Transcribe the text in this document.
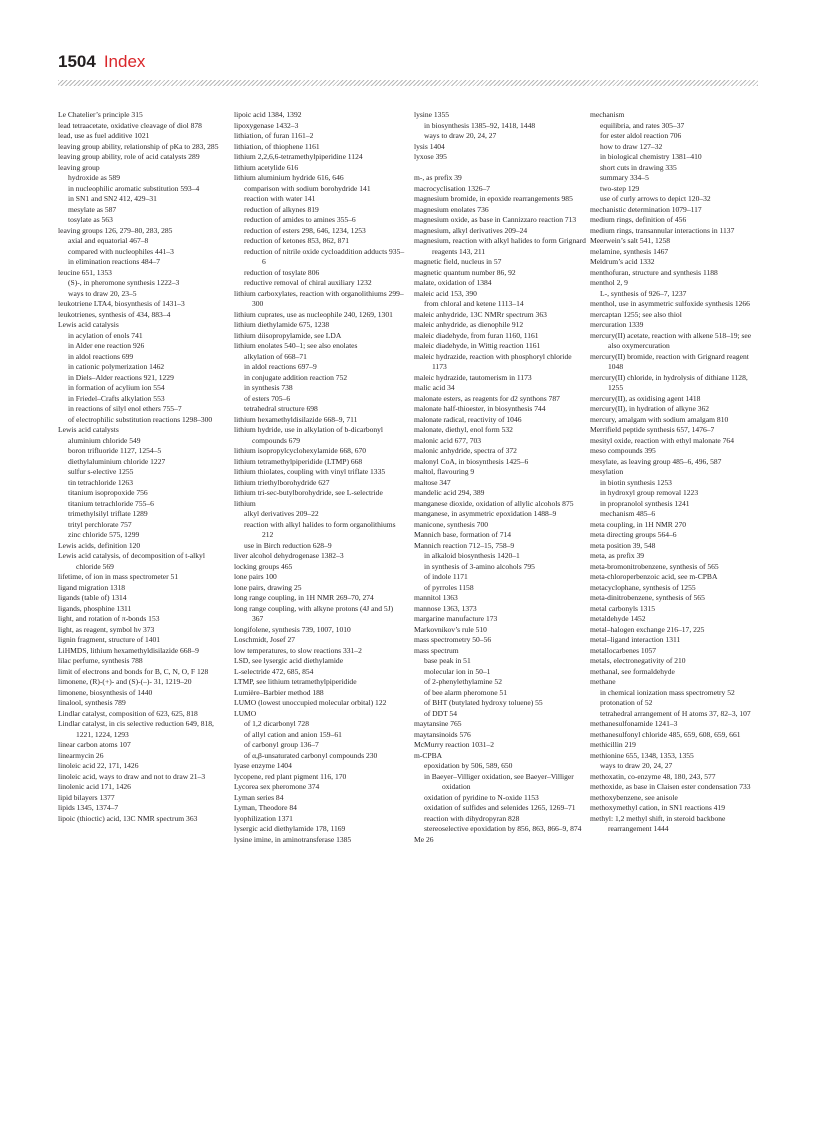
1504 Index
Le Chatelier’s principle 315
lead tetraacetate, oxidative cleavage of diol 878
lead, use as fuel additive 1021
leaving group ability, relationship of pKa to 283, 285
leaving group ability, role of acid catalysts 289
leaving group
hydroxide as 589
in nucleophilic aromatic substitution 593–4
in SN1 and SN2 412, 429–31
mesylate as 587
tosylate as 563
leaving groups 126, 279–80, 283, 285
axial and equatorial 467–8
compared with nucleophiles 441–3
in elimination reactions 484–7
leucine 651, 1353
(S)-, in pheromone synthesis 1222–3
ways to draw 20, 23–5
leukotriene LTA4, biosynthesis of 1431–3
leukotrienes, synthesis of 434, 883–4
Lewis acid catalysis
in acylation of enols 741
in Alder ene reaction 926
in aldol reactions 699
in cationic polymerization 1462
in Diels–Alder reactions 921, 1229
in formation of acylium ion 554
in Friedel–Crafts alkylation 553
in reactions of silyl enol ethers 755–7
of electrophilic substitution reactions 1298–300
Lewis acid catalysts
aluminium chloride 549
boron trifluoride 1127, 1254–5
diethylaluminium chloride 1227
sulfur s-elective 1255
tin tetrachloride 1263
titanium isopropoxide 756
titanium tetrachloride 755–6
trimethylsilyl triflate 1289
trityl perchlorate 757
zinc chloride 575, 1299
Lewis acids, definition 120
Lewis acid catalysis, of decomposition of t-alkyl chloride 569
lifetime, of ion in mass spectrometer 51
ligand migration 1318
ligands (table of) 1314
ligands, phosphine 1311
light, and rotation of π-bonds 153
light, as reagent, symbol hν 373
lignin fragment, structure of 1401
LiHMDS, lithium hexamethyldisilazide 668–9
lilac perfume, synthesis 788
limit of electrons and bonds for B, C, N, O, F 128
limonene, (R)-(+)- and (S)-(–)- 31, 1219–20
limonene, biosynthesis of 1440
linalool, synthesis 789
Lindlar catalyst, composition of 623, 625, 818
Lindlar catalyst, in cis selective reduction 649, 818, 1221, 1224, 1293
linear carbon atoms 107
linearmycin 26
linoleic acid 22, 171, 1426
linoleic acid, ways to draw and not to draw 21–3
linolenic acid 171, 1426
lipid bilayers 1377
lipids 1345, 1374–7
lipoic (thioctic) acid, 13C NMR spectrum 363
lipoic acid 1384, 1392
lipoxygenase 1432–3
lithiation, of furan 1161–2
lithiation, of thiophene 1161
lithium 2,2,6,6-tetramethylpiperidine 1124
lithium acetylide 616
lithium aluminium hydride 616, 646
comparison with sodium borohydride 141
reaction with water 141
reduction of alkynes 819
reduction of amides to amines 355–6
reduction of esters 298, 646, 1234, 1253
reduction of ketones 853, 862, 871
reduction of nitrile oxide cycloaddition adducts 935–6
reduction of tosylate 806
reductive removal of chiral auxiliary 1232
lithium carboxylates, reaction with organolithiums 299–300
lithium cuprates, use as nucleophile 240, 1269, 1301
lithium diethylamide 675, 1238
lithium diisopropylamide, see LDA
lithium enolates 540–1; see also enolates
alkylation of 668–71
in aldol reactions 697–9
in conjugate addition reaction 752
in synthesis 738
of esters 705–6
tetrahedral structure 698
lithium hexamethyldisilazide 668–9, 711
lithium hydride, use in alkylation of b-dicarbonyl compounds 679
lithium isopropylcyclohexylamide 668, 670
lithium tetramethylpiperidide (LTMP) 668
lithium thiolates, coupling with vinyl triflate 1335
lithium triethylborohydride 627
lithium tri-sec-butylborohydride, see L-selectride
lithium
alkyl derivatives 209–22
reaction with alkyl halides to form organolithiums 212
use in Birch reduction 628–9
liver alcohol dehydrogenase 1382–3
locking groups 465
lone pairs 100
lone pairs, drawing 25
long range coupling, in 1H NMR 269–70, 274
long range coupling, with alkyne protons (4J and 5J) 367
longifolene, synthesis 739, 1007, 1010
Loschmidt, Josef 27
low temperatures, to slow reactions 331–2
LSD, see lysergic acid diethylamide
L-selectride 472, 685, 854
LTMP, see lithium tetramethylpiperidide
Lumière–Barbier method 188
LUMO (lowest unoccupied molecular orbital) 122
LUMO
of 1,2 dicarbonyl 728
of allyl cation and anion 159–61
of carbonyl group 136–7
of α,β-unsaturated carbonyl compounds 230
lyase enzyme 1404
lycopene, red plant pigment 116, 170
Lycorea sex pheromone 374
Lyman series 84
Lyman, Theodore 84
lyophilization 1371
lysergic acid diethylamide 178, 1169
lysine imine, in aminotransferase 1385
lysine 1355
in biosynthesis 1385–92, 1418, 1448
ways to draw 20, 24, 27
lysis 1404
lyxose 395
m-, as prefix 39
macrocyclisation 1326–7
magnesium bromide, in epoxide rearrangements 985
magnesium enolates 736
magnesium oxide, as base in Cannizzaro reaction 713
magnesium, alkyl derivatives 209–24
magnesium, reaction with alkyl halides to form Grignard reagents 143, 211
magnetic field, nucleus in 57
magnetic quantum number 86, 92
malate, oxidation of 1384
maleic acid 153, 390
from chloral and ketene 1113–14
maleic anhydride, 13C NMRr spectrum 363
maleic anhydride, as dienophile 912
maleic diadehyde, from furan 1160, 1161
maleic diadehyde, in Wittig reaction 1161
maleic hydrazide, reaction with phosphoryl chloride 1173
maleic hydrazide, tautomerism in 1173
malic acid 34
malonate esters, as reagents for d2 synthons 787
malonate half-thioester, in biosynthesis 744
malonate radical, reactivity of 1046
malonate, diethyl, enol form 532
malonic acid 677, 703
malonic anhydride, spectra of 372
malonyl CoA, in biosynthesis 1425–6
maltol, flavouring 9
maltose 347
mandelic acid 294, 389
manganese dioxide, oxidation of allylic alcohols 875
manganese, in asymmetric epoxidation 1488–9
manicone, synthesis 700
Mannich base, formation of 714
Mannich reaction 712–15, 758–9
in alkaloid biosynthesis 1420–1
in synthesis of 3-amino alcohols 795
of indole 1171
of pyrroles 1158
mannitol 1363
mannose 1363, 1373
margarine manufacture 173
Markovnikov’s rule 510
mass spectrometry 50–56
mass spectrum
base peak in 51
molecular ion in 50–1
of 2-phenylethylamine 52
of bee alarm pheromone 51
of BHT (butylated hydroxy toluene) 55
of DDT 54
maytansine 765
maytansinoids 576
McMurry reaction 1031–2
m-CPBA
epoxidation by 506, 589, 650
in Baeyer–Villiger oxidation, see Baeyer–Villiger oxidation
oxidation of pyridine to N-oxide 1153
oxidation of sulfides and selenides 1265, 1269–71
reaction with dihydropyran 828
stereoselective epoxidation by 856, 863, 866–9, 874
Me 26
mechanism
equilibria, and rates 305–37
for ester aldol reaction 706
how to draw 127–32
in biological chemistry 1381–410
short cuts in drawing 335
summary 334–5
two-step 129
use of curly arrows to depict 120–32
mechanistic determination 1079–117
medium rings, definition of 456
medium rings, transannular interactions in 1137
Meerwein’s salt 541, 1258
melamine, synthesis 1467
Meldrum’s acid 1332
menthofuran, structure and synthesis 1188
menthol 2, 9
L-, synthesis of 926–7, 1237
menthol, use in asymmetric sulfoxide synthesis 1266
mercaptan 1255; see also thiol
mercuration 1339
mercury(II) acetate, reaction with alkene 518–19; see also oxymercuration
mercury(II) bromide, reaction with Grignard reagent 1048
mercury(II) chloride, in hydrolysis of dithiane 1128, 1255
mercury(II), as oxidising agent 1418
mercury(II), in hydration of alkyne 362
mercury, amalgam with sodium amalgam 810
Merrifield peptide synthesis 657, 1476–7
mesityl oxide, reaction with ethyl malonate 764
meso compounds 395
mesylate, as leaving group 485–6, 496, 587
mesylation
in biotin synthesis 1253
in hydroxyl group removal 1223
in propranolol synthesis 1241
mechanism 485–6
meta coupling, in 1H NMR 270
meta directing groups 564–6
meta position 39, 548
meta, as prefix 39
meta-bromonitrobenzene, synthesis of 565
meta-chloroperbenzoic acid, see m-CPBA
metacyclophane, synthesis of 1255
meta-dinitrobenzene, synthesis of 565
metal carbonyls 1315
metaldehyde 1452
metal–halogen exchange 216–17, 225
metal–ligand interaction 1311
metallocarbenes 1057
metals, electronegativity of 210
methanal, see formaldehyde
methane
in chemical ionization mass spectrometry 52
protonation of 52
tetrahedral arrangement of H atoms 37, 82–3, 107
methanesulfonamide 1241–3
methanesulfonyl chloride 485, 659, 608, 659, 661
methicillin 219
methionine 655, 1348, 1353, 1355
ways to draw 20, 24, 27
methoxatin, co-enzyme 48, 180, 243, 577
methoxide, as base in Claisen ester condensation 733
methoxybenzene, see anisole
methoxymethyl cation, in SN1 reactions 419
methyl: 1,2 methyl shift, in steroid backbone rearrangement 1444
